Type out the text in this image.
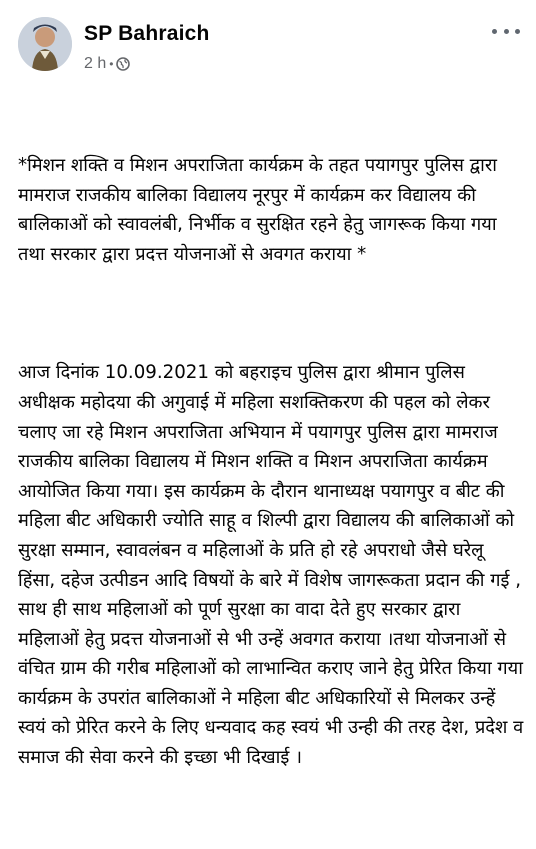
SP Bahraich
2 h •

*मिशन शक्ति व मिशन अपराजिता कार्यक्रम के तहत पयागपुर पुलिस द्वारा मामराज राजकीय बालिका विद्यालय नूरपुर में कार्यक्रम कर विद्यालय की बालिकाओं को स्वावलंबी, निर्भीक व सुरक्षित रहने हेतु जागरूक किया गया तथा सरकार द्वारा प्रदत्त योजनाओं से अवगत कराया *

आज दिनांक 10.09.2021 को बहराइच पुलिस द्वारा श्रीमान पुलिस अधीक्षक महोदया की अगुवाई में महिला सशक्तिकरण की पहल को लेकर चलाए जा रहे मिशन अपराजिता अभियान में पयागपुर पुलिस द्वारा मामराज राजकीय बालिका विद्यालय में मिशन शक्ति व मिशन अपराजिता कार्यक्रम आयोजित किया गया। इस कार्यक्रम के दौरान थानाध्यक्ष पयागपुर व बीट की महिला बीट अधिकारी ज्योति साहू व शिल्पी द्वारा विद्यालय की बालिकाओं को सुरक्षा सम्मान, स्वावलंबन व महिलाओं के प्रति हो रहे अपराधो जैसे घरेलू हिंसा, दहेज उत्पीडन आदि विषयों के बारे में विशेष जागरूकता प्रदान की गई , साथ ही साथ महिलाओं को पूर्ण सुरक्षा का वादा देते हुए सरकार द्वारा महिलाओं हेतु प्रदत्त योजनाओं से भी उन्हें अवगत कराया ।तथा योजनाओं से वंचित ग्राम की गरीब महिलाओं को लाभान्वित कराए जाने हेतु प्रेरित किया गया कार्यक्रम के उपरांत बालिकाओं ने महिला बीट अधिकारियों से मिलकर उन्हें स्वयं को प्रेरित करने के लिए धन्यवाद कह स्वयं भी उन्ही की तरह देश, प्रदेश व समाज की सेवा करने की इच्छा भी दिखाई ।
